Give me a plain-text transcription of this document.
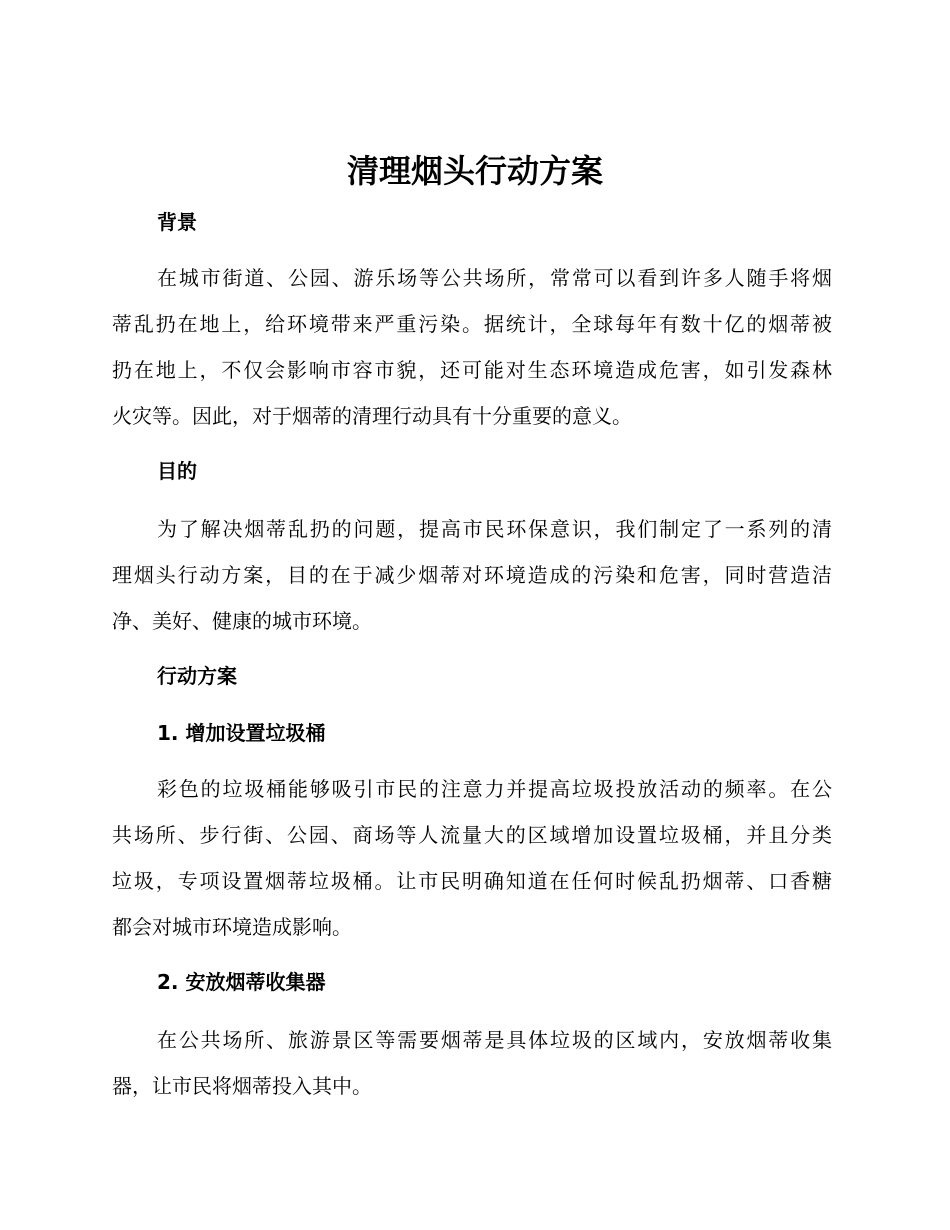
清理烟头行动方案
背景
在城市街道、公园、游乐场等公共场所，常常可以看到许多人随手将烟
蒂乱扔在地上，给环境带来严重污染。据统计，全球每年有数十亿的烟蒂被
扔在地上，不仅会影响市容市貌，还可能对生态环境造成危害，如引发森林
火灾等。因此，对于烟蒂的清理行动具有十分重要的意义。
目的
为了解决烟蒂乱扔的问题，提高市民环保意识，我们制定了一系列的清
理烟头行动方案，目的在于减少烟蒂对环境造成的污染和危害，同时营造洁
净、美好、健康的城市环境。
行动方案
1. 增加设置垃圾桶
彩色的垃圾桶能够吸引市民的注意力并提高垃圾投放活动的频率。在公
共场所、步行街、公园、商场等人流量大的区域增加设置垃圾桶，并且分类
垃圾，专项设置烟蒂垃圾桶。让市民明确知道在任何时候乱扔烟蒂、口香糖
都会对城市环境造成影响。
2. 安放烟蒂收集器
在公共场所、旅游景区等需要烟蒂是具体垃圾的区域内，安放烟蒂收集
器，让市民将烟蒂投入其中。
